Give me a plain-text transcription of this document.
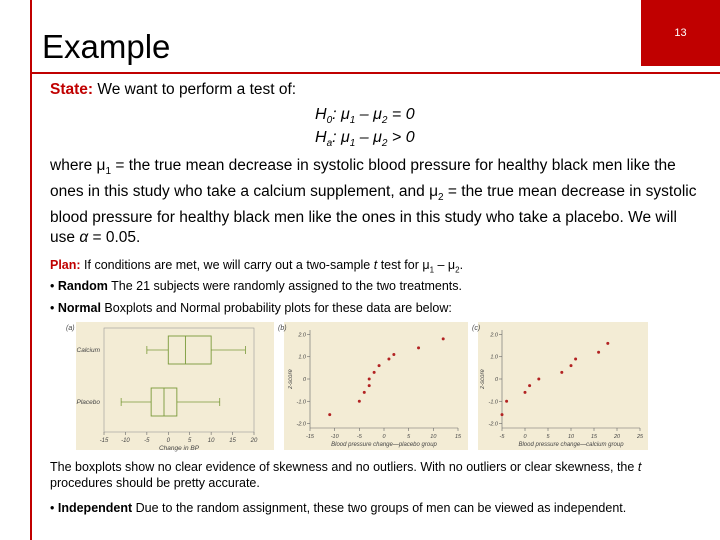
Example	13
State: We want to perform a test of:
$H_0$: $\mu_1 - \mu_2 = 0$
$H_a$: $\mu_1 - \mu_2 > 0$
where $\mu_1$ = the true mean decrease in systolic blood pressure for healthy black men like the ones in this study who take a calcium supplement, and $\mu_2$ = the true mean decrease in systolic blood pressure for healthy black men like the ones in this study who take a placebo. We will use α = 0.05.
Plan: If conditions are met, we will carry out a two-sample t test for $\mu_1 - \mu_2$.
• Random The 21 subjects were randomly assigned to the two treatments.
• Normal Boxplots and Normal probability plots for these data are below:
(a)
-15 -10 -5	0	5	10 15 20
Change in BP
Calcium
Placebo
(b)
2.0
1.0
0
-1.0
-2.0
-15	-10	-5	0	5	10	15
Blood pressure change—placebo group
z-score
(c)
2.0
1.0
0
-1.0
-2.0
-5	0	5	10	15	20	25
Blood pressure change—calcium group
z-score
The boxplots show no clear evidence of skewness and no outliers. With no outliers or clear skewness, the t procedures should be pretty accurate.
• Independent Due to the random assignment, these two groups of men can be viewed as independent.
